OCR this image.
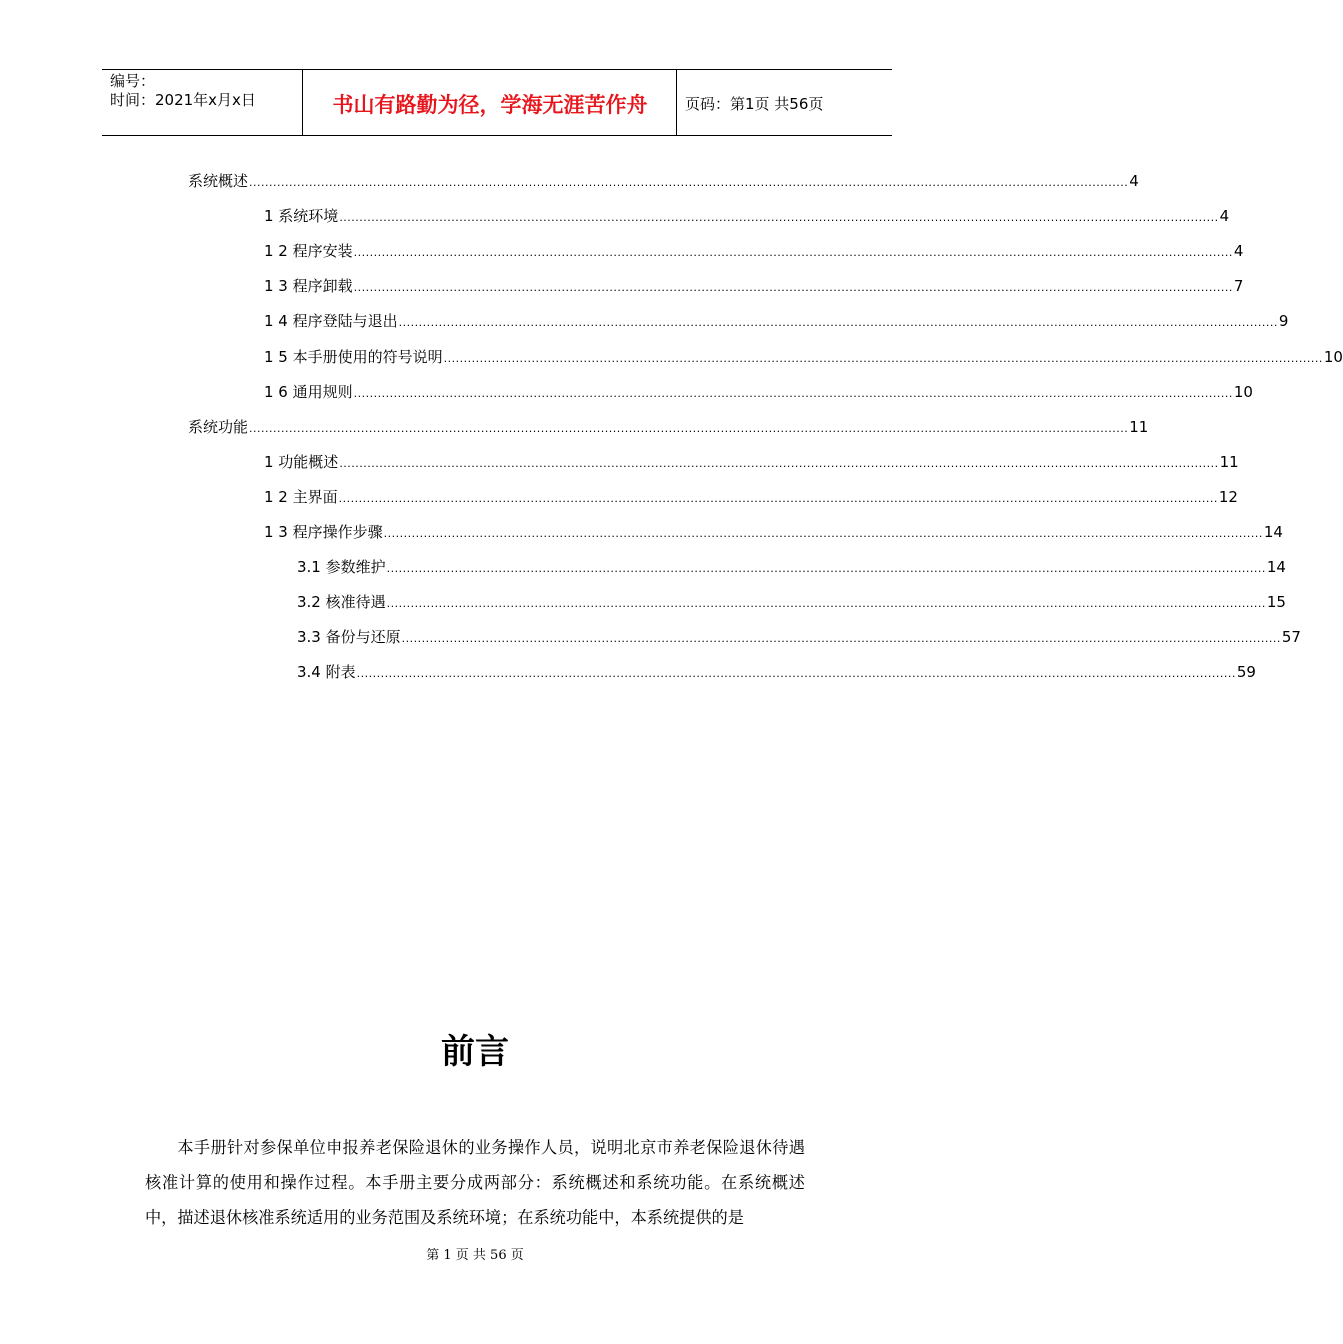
编号：
时间：2021年x月x日	书山有路勤为径，学海无涯苦作舟	页码：第1页 共56页
系统概述 ............................................................................................................................................................................................................................ 4
1 系统环境 ............................................................................................................................................................................................................................ 4
1 2 程序安装 ............................................................................................................................................................................................................................ 4
1 3 程序卸载 ............................................................................................................................................................................................................................ 7
1 4 程序登陆与退出 ............................................................................................................................................................................................................................ 9
1 5 本手册使用的符号说明 ............................................................................................................................................................................................................................ 10
1 6 通用规则 ............................................................................................................................................................................................................................ 10
系统功能 ............................................................................................................................................................................................................................ 11
1 功能概述 ............................................................................................................................................................................................................................ 11
1 2 主界面 ............................................................................................................................................................................................................................ 12
1 3 程序操作步骤 ............................................................................................................................................................................................................................ 14
3.1 参数维护 ............................................................................................................................................................................................................................ 14
3.2 核准待遇 ............................................................................................................................................................................................................................ 15
3.3 备份与还原 ............................................................................................................................................................................................................................ 57
3.4 附表 ............................................................................................................................................................................................................................ 59
前言

本手册针对参保单位申报养老保险退休的业务操作人员，说明北京市养老保险退休待遇核准计算的使用和操作过程。本手册主要分成两部分：系统概述和系统功能。在系统概述中，描述退休核准系统适用的业务范围及系统环境；在系统功能中，本系统提供的是

第 1 页 共 56 页
